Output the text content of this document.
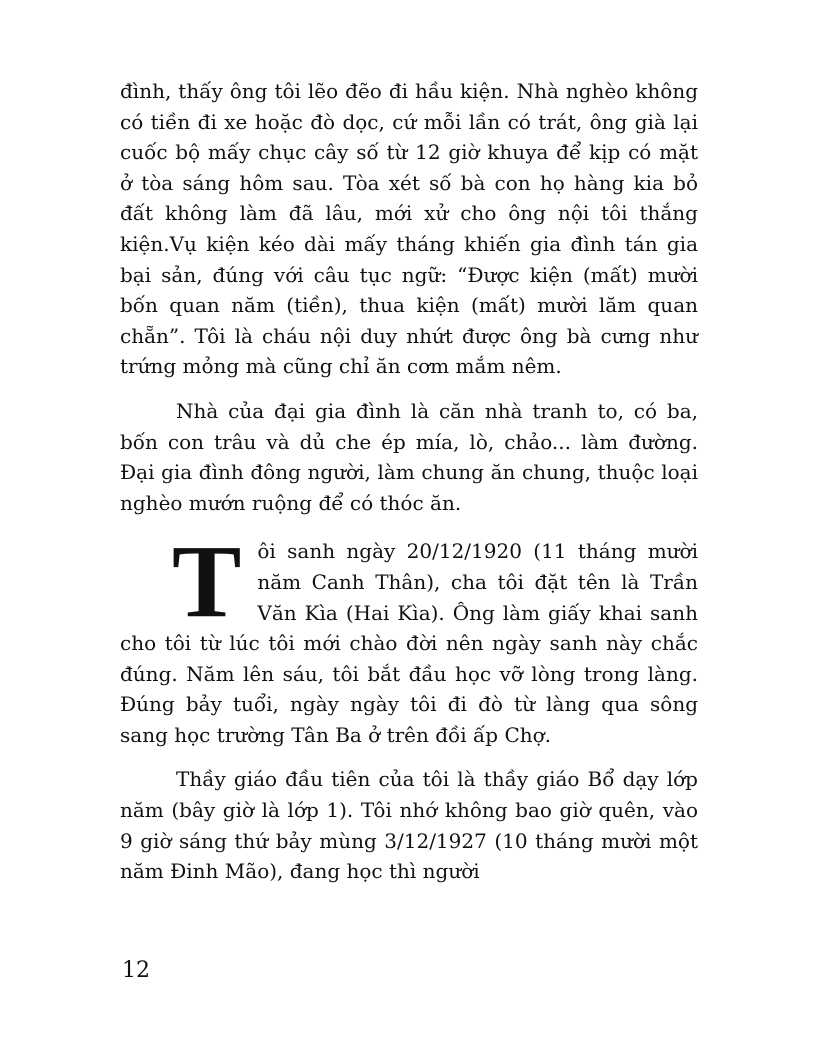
đình, thấy ông tôi lẽo đẽo đi hầu kiện. Nhà nghèo không có tiền đi xe hoặc đò dọc, cứ mỗi lần có trát, ông già lại cuốc bộ mấy chục cây số từ 12 giờ khuya để kịp có mặt ở tòa sáng hôm sau. Tòa xét số bà con họ hàng kia bỏ đất không làm đã lâu, mới xử cho ông nội tôi thắng kiện.Vụ kiện kéo dài mấy tháng khiến gia đình tán gia bại sản, đúng với câu tục ngữ: “Được kiện (mất) mười bốn quan năm (tiền), thua kiện (mất) mười lăm quan chẵn”. Tôi là cháu nội duy nhứt được ông bà cưng như trứng mỏng mà cũng chỉ ăn cơm mắm nêm.

Nhà của đại gia đình là căn nhà tranh to, có ba, bốn con trâu và dủ che ép mía, lò, chảo... làm đường. Đại gia đình đông người, làm chung ăn chung, thuộc loại nghèo mướn ruộng để có thóc ăn.

Tôi sanh ngày 20/12/1920 (11 tháng mười năm Canh Thân), cha tôi đặt tên là Trần Văn Kìa (Hai Kìa). Ông làm giấy khai sanh cho tôi từ lúc tôi mới chào đời nên ngày sanh này chắc đúng. Năm lên sáu, tôi bắt đầu học vỡ lòng trong làng. Đúng bảy tuổi, ngày ngày tôi đi đò từ làng qua sông sang học trường Tân Ba ở trên đồi ấp Chợ.

Thầy giáo đầu tiên của tôi là thầy giáo Bổ dạy lớp năm (bây giờ là lớp 1). Tôi nhớ không bao giờ quên, vào 9 giờ sáng thứ bảy mùng 3/12/1927 (10 tháng mười một năm Đinh Mão), đang học thì người

12
